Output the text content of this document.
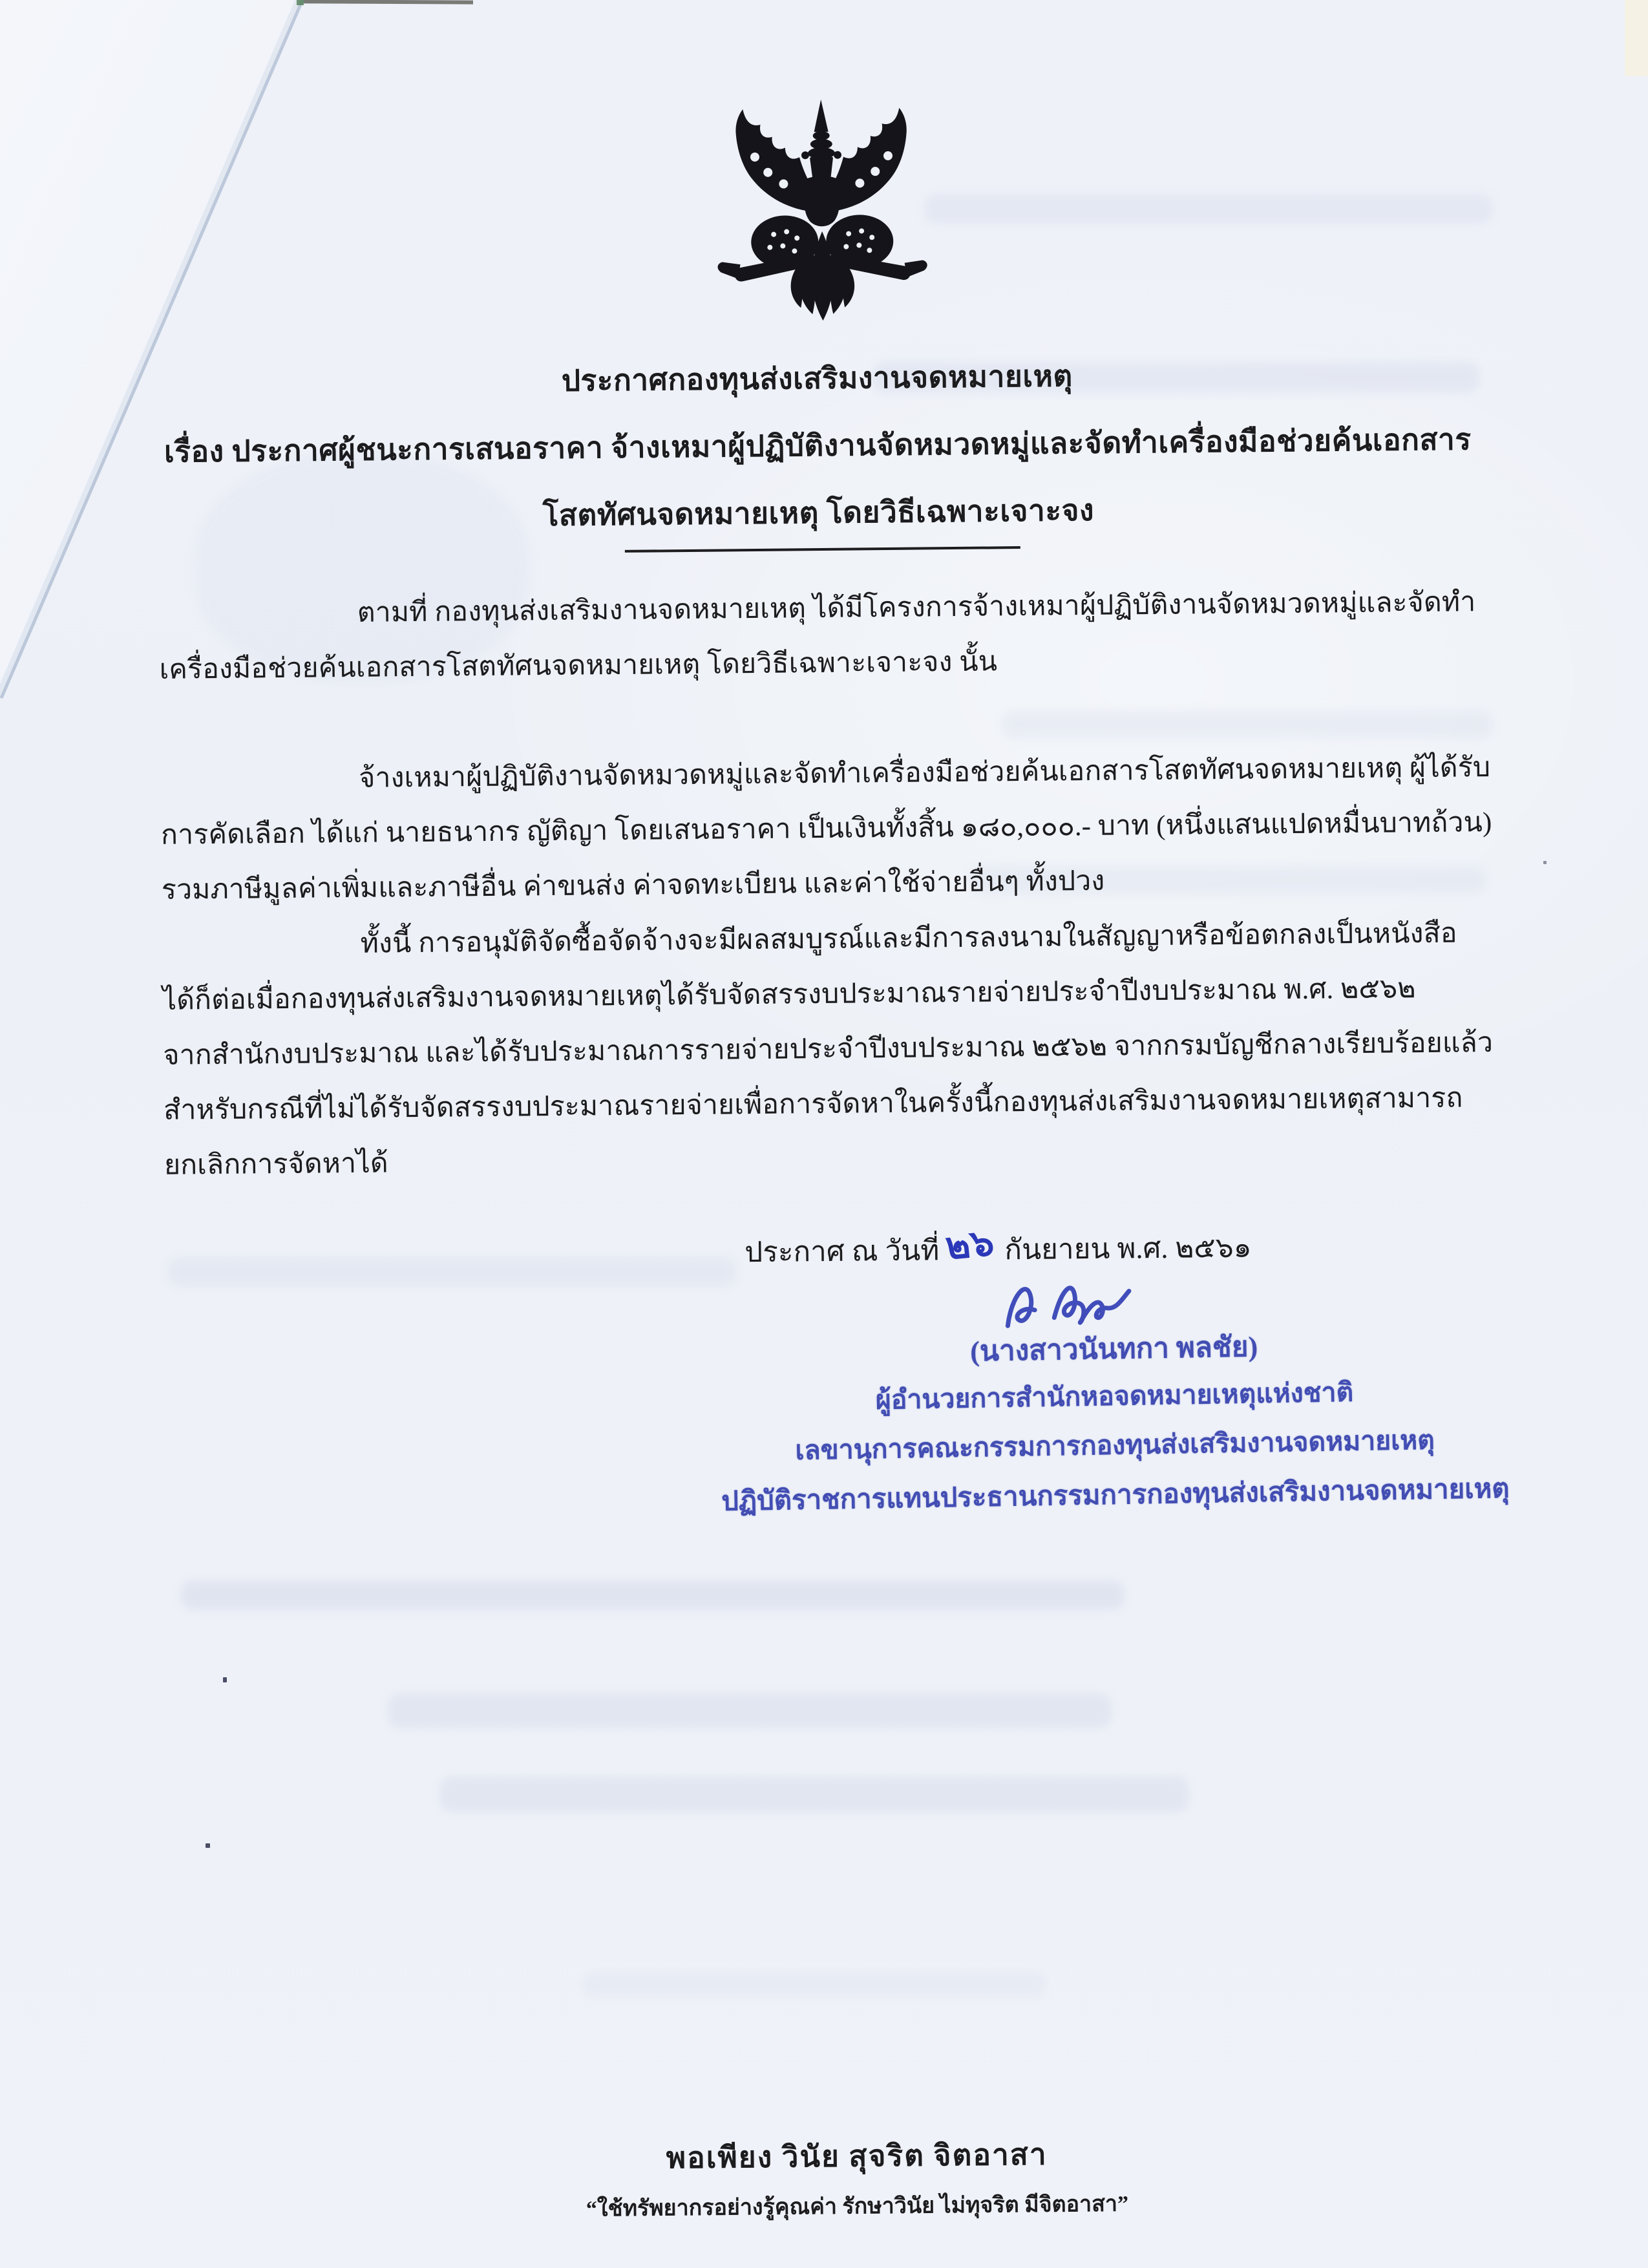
ประกาศกองทุนส่งเสริมงานจดหมายเหตุ
เรื่อง ประกาศผู้ชนะการเสนอราคา จ้างเหมาผู้ปฏิบัติงานจัดหมวดหมู่และจัดทำเครื่องมือช่วยค้นเอกสาร
โสตทัศนจดหมายเหตุ โดยวิธีเฉพาะเจาะจง
ตามที่ กองทุนส่งเสริมงานจดหมายเหตุ ได้มีโครงการจ้างเหมาผู้ปฏิบัติงานจัดหมวดหมู่และจัดทำ
เครื่องมือช่วยค้นเอกสารโสตทัศนจดหมายเหตุ โดยวิธีเฉพาะเจาะจง นั้น
จ้างเหมาผู้ปฏิบัติงานจัดหมวดหมู่และจัดทำเครื่องมือช่วยค้นเอกสารโสตทัศนจดหมายเหตุ ผู้ได้รับ
การคัดเลือก ได้แก่ นายธนากร ญัติญา โดยเสนอราคา เป็นเงินทั้งสิ้น ๑๘๐,๐๐๐.- บาท (หนึ่งแสนแปดหมื่นบาทถ้วน)
รวมภาษีมูลค่าเพิ่มและภาษีอื่น ค่าขนส่ง ค่าจดทะเบียน และค่าใช้จ่ายอื่นๆ ทั้งปวง
ทั้งนี้ การอนุมัติจัดซื้อจัดจ้างจะมีผลสมบูรณ์และมีการลงนามในสัญญาหรือข้อตกลงเป็นหนังสือ
ได้ก็ต่อเมื่อกองทุนส่งเสริมงานจดหมายเหตุได้รับจัดสรรงบประมาณรายจ่ายประจำปีงบประมาณ พ.ศ. ๒๕๖๒
จากสำนักงบประมาณ และได้รับประมาณการรายจ่ายประจำปีงบประมาณ ๒๕๖๒ จากกรมบัญชีกลางเรียบร้อยแล้ว
สำหรับกรณีที่ไม่ได้รับจัดสรรงบประมาณรายจ่ายเพื่อการจัดหาในครั้งนี้กองทุนส่งเสริมงานจดหมายเหตุสามารถ
ยกเลิกการจัดหาได้
ประกาศ ณ วันที่ ๒๖ กันยายน พ.ศ. ๒๕๖๑
(นางสาวนันทกา พลชัย)
ผู้อำนวยการสำนักหอจดหมายเหตุแห่งชาติ
เลขานุการคณะกรรมการกองทุนส่งเสริมงานจดหมายเหตุ
ปฏิบัติราชการแทนประธานกรรมการกองทุนส่งเสริมงานจดหมายเหตุ
พอเพียง วินัย สุจริต จิตอาสา
“ใช้ทรัพยากรอย่างรู้คุณค่า รักษาวินัย ไม่ทุจริต มีจิตอาสา”
